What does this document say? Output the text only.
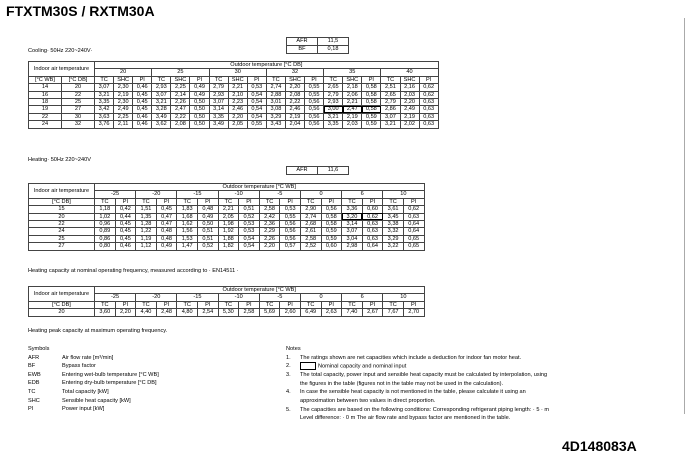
FTXTM30S / RXTM30A
AFR	11,5
BF	0,18
Cooling· 50Hz 220~240V·
Indoor air temperature		Outdoor temperature [°C DB]																	
		20			25			30			32			35			40		
[°C WB]	[°C DB]	TC	SHC	PI	TC	SHC	PI	TC	SHC	PI	TC	SHC	PI	TC	SHC	PI	TC	SHC	PI
14	20	3,07	2,30	0,46	2,93	2,25	0,49	2,79	2,21	0,53	2,74	2,20	0,55	2,65	2,18	0,58	2,51	2,16	0,62
16	22	3,21	2,19	0,45	3,07	2,14	0,49	2,93	2,10	0,54	2,88	2,08	0,55	2,79	2,06	0,58	2,65	2,03	0,62
18	25	3,35	2,30	0,45	3,21	2,26	0,50	3,07	2,23	0,54	3,01	2,22	0,56	2,93	2,21	0,58	2,79	2,20	0,63
19	27	3,42	2,49	0,45	3,28	2,47	0,50	3,14	2,46	0,54	3,08	2,46	0,56	3,00	2,47	0,58	2,86	2,49	0,63
22	30	3,63	2,25	0,46	3,49	2,22	0,50	3,35	2,20	0,54	3,29	2,19	0,56	3,21	2,19	0,59	3,07	2,19	0,63
24	32	3,76	2,11	0,46	3,62	2,08	0,50	3,49	2,05	0,55	3,43	2,04	0,56	3,35	2,03	0,59	3,21	2,02	0,63
Heating· 50Hz 220~240V
AFR	11,6
Indoor air temperature	Outdoor temperature [°C WB]															
	-25		-20		-15		-10		-5		0		6		10	
[°C DB]	TC	PI	TC	PI	TC	PI	TC	PI	TC	PI	TC	PI	TC	PI	TC	PI
15	1,18	0,42	1,51	0,45	1,83	0,48	2,21	0,51	2,58	0,53	2,90	0,56	3,36	0,60	3,61	0,62
20	1,02	0,44	1,35	0,47	1,68	0,49	2,05	0,52	2,42	0,55	2,74	0,58	3,20	0,62	3,45	0,63
22	0,96	0,45	1,28	0,47	1,62	0,50	1,98	0,53	2,36	0,56	2,68	0,58	3,14	0,63	3,38	0,64
24	0,89	0,45	1,22	0,48	1,56	0,51	1,92	0,53	2,29	0,56	2,61	0,59	3,07	0,63	3,32	0,64
25	0,86	0,45	1,19	0,48	1,53	0,51	1,88	0,54	2,26	0,56	2,58	0,59	3,04	0,63	3,29	0,65
27	0,80	0,46	1,12	0,49	1,47	0,52	1,82	0,54	2,20	0,57	2,52	0,60	2,98	0,64	3,22	0,65
Heating capacity at nominal operating frequency, measured according to · EN14511 ·
Indoor air temperature	Outdoor temperature [°C WB]															
	-25		-20		-15		-10		-5		0		6		10	
[°C DB]	TC	PI	TC	PI	TC	PI	TC	PI	TC	PI	TC	PI	TC	PI	TC	PI
20	3,60	2,20	4,40	2,48	4,80	2,54	5,30	2,58	5,69	2,60	6,49	2,63	7,40	2,67	7,67	2,70
Heating peak capacity at maximum operating frequency.
Symbols
AFR	Air flow rate [m³/min]
BF	Bypass factor
EWB	Entering wet-bulb temperature [°C WB]
EDB	Entering dry-bulb temperature [°C DB]
TC	Total capacity [kW]
SHC	Sensible heat capacity [kW]
PI	Power input [kW]
Notes
1.	The ratings shown are net capacities which include a deduction for indoor fan motor heat.
2.	Nominal capacity and nominal input
3.	The total capacity, power input and sensible heat capacity must be calculated by interpolation, using the figures in the table (figures not in the table may not be used in the calculation).
4.	In case the sensible heat capacity is not mentioned in the table, please calculate it using an approximation between two values in direct proportion.
5.	The capacities are based on the following conditions: Corresponding refrigerant piping length: · 5 · m Level difference: · 0 m The air flow rate and bypass factor are mentioned in the table.
4D148083A
